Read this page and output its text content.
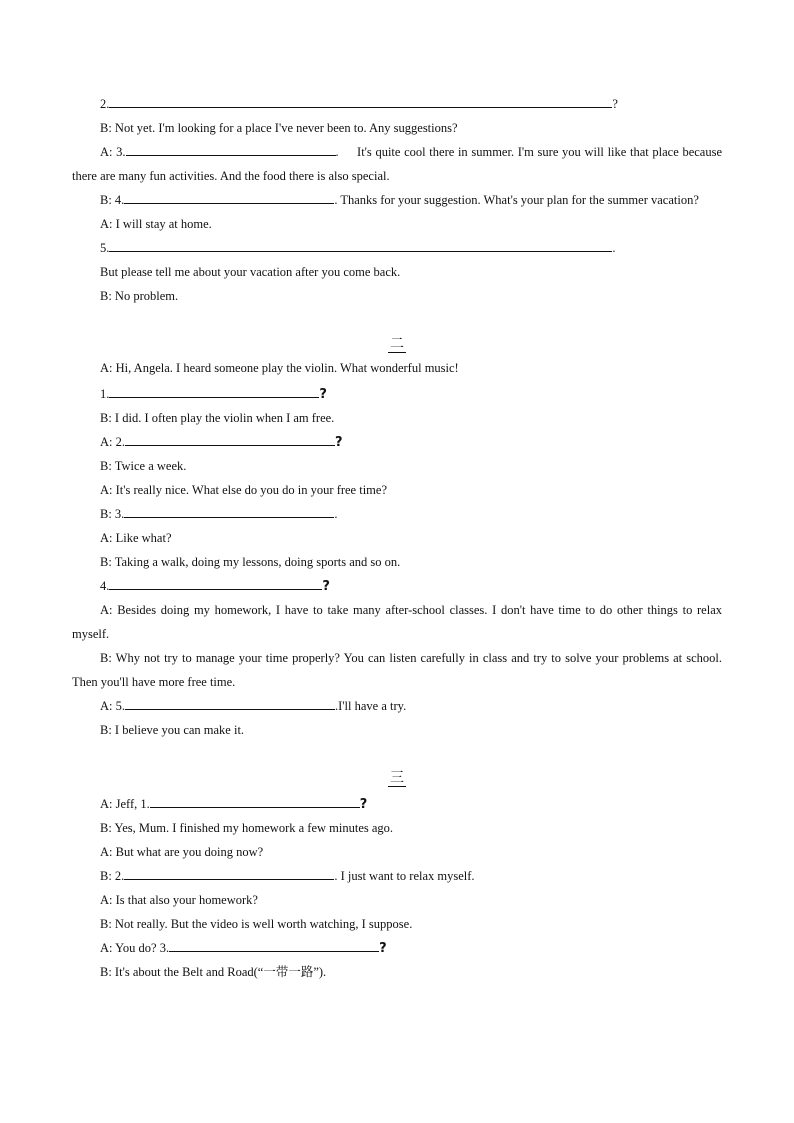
2.	?
B: Not yet. I'm looking for a place I've never been to. Any suggestions?
A: 3.	.     It's quite cool there in summer. I'm sure you will like that place because there are many fun activities. And the food there is also special.
B: 4.	. Thanks for your suggestion. What's your plan for the summer vacation?
A: I will stay at home.
5.	.
But please tell me about your vacation after you come back.
B: No problem.
二
A: Hi, Angela. I heard someone play the violin. What wonderful music!
1.	?
B: I did. I often play the violin when I am free.
A: 2.	?
B: Twice a week.
A: It's really nice. What else do you do in your free time?
B: 3.	.
A: Like what?
B: Taking a walk, doing my lessons, doing sports and so on.
4.	?
A: Besides doing my homework, I have to take many after-school classes. I don't have time to do other things to relax myself.
B: Why not try to manage your time properly? You can listen carefully in class and try to solve your problems at school. Then you'll have more free time.
A: 5.	.I'll have a try.
B: I believe you can make it.
三
A: Jeff, 1.	?
B: Yes, Mum. I finished my homework a few minutes ago.
A: But what are you doing now?
B: 2.	. I just want to relax myself.
A: Is that also your homework?
B: Not really. But the video is well worth watching, I suppose.
A: You do? 3.	?
B: It's about the Belt and Road(“一带一路”).
